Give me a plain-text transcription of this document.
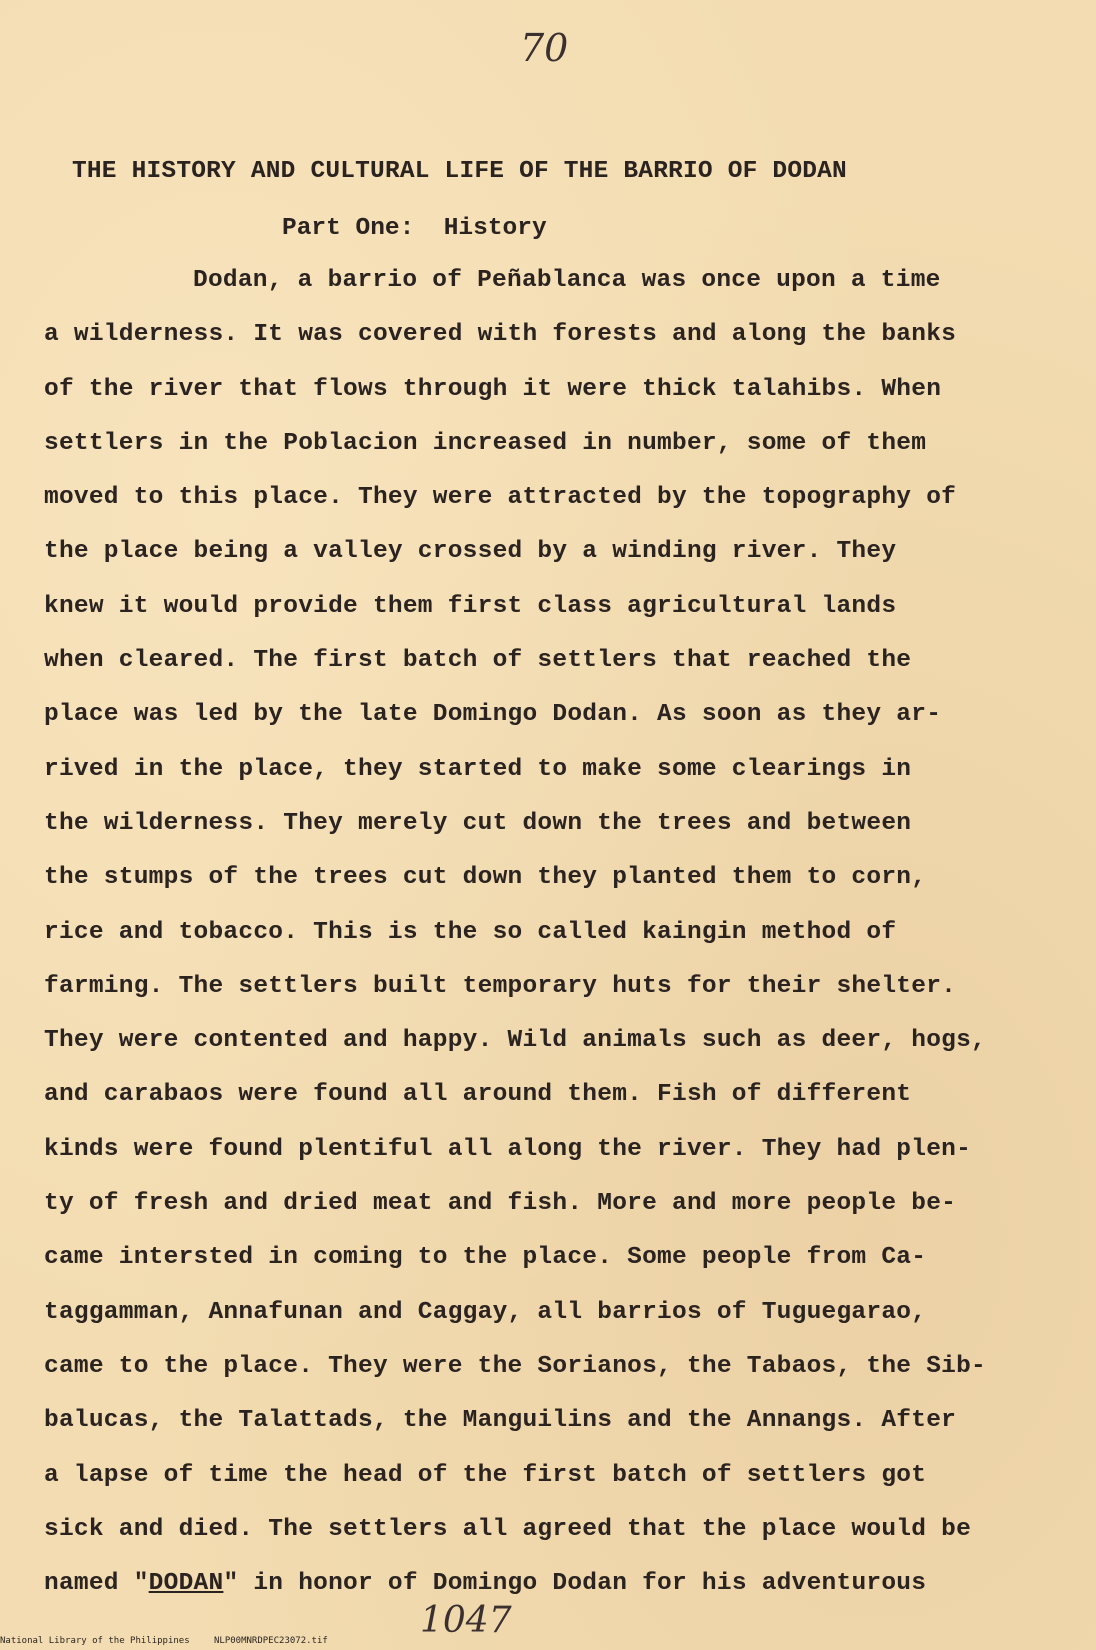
70
THE HISTORY AND CULTURAL LIFE OF THE BARRIO OF DODAN
Part One:  History
Dodan, a barrio of Peñablanca was once upon a time
a wilderness. It was covered with forests and along the banks
of the river that flows through it were thick talahibs. When
settlers in the Poblacion increased in number, some of them
moved to this place. They were attracted by the topography of
the place being a valley crossed by a winding river. They
knew it would provide them first class agricultural lands
when cleared. The first batch of settlers that reached the
place was led by the late Domingo Dodan. As soon as they ar-
rived in the place, they started to make some clearings in
the wilderness. They merely cut down the trees and between
the stumps of the trees cut down they planted them to corn,
rice and tobacco. This is the so called kaingin method of
farming. The settlers built temporary huts for their shelter.
They were contented and happy. Wild animals such as deer, hogs,
and carabaos were found all around them. Fish of different
kinds were found plentiful all along the river. They had plen-
ty of fresh and dried meat and fish. More and more people be-
came intersted in coming to the place. Some people from Ca-
taggamman, Annafunan and Caggay, all barrios of Tuguegarao,
came to the place. They were the Sorianos, the Tabaos, the Sib-
balucas, the Talattads, the Manguilins and the Annangs. After
a lapse of time the head of the first batch of settlers got
sick and died. The settlers all agreed that the place would be
named "DODAN" in honor of Domingo Dodan for his adventurous
1047
National Library of the Philippines	NLP00MNRDPEC23072.tif
